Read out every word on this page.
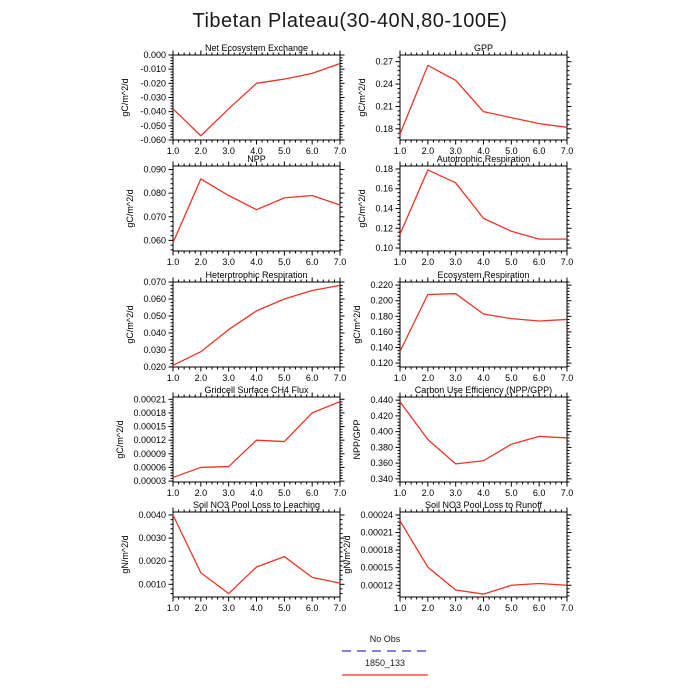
Tibetan Plateau(30-40N,80-100E)
Net Ecosystem Exchange
1.0 2.0 3.0 4.0 5.0 6.0 7.0
-0.060
-0.050
-0.040
-0.030
-0.020
-0.010
0.000
gC/m^2/d
GPP
1.0 2.0 3.0 4.0 5.0 6.0 7.0
0.18
0.21
0.24
0.27
gC/m^2/d
NPP
1.0 2.0 3.0 4.0 5.0 6.0 7.0
0.060
0.070
0.080
0.090
gC/m^2/d
Autotrophic Respiration
1.0 2.0 3.0 4.0 5.0 6.0 7.0
0.10
0.12
0.14
0.16
0.18
gC/m^2/d
Heterotrophic Respiration
1.0 2.0 3.0 4.0 5.0 6.0 7.0
0.020
0.030
0.040
0.050
0.060
0.070
gC/m^2/d
Ecosystem Respiration
1.0 2.0 3.0 4.0 5.0 6.0 7.0
0.120
0.140
0.160
0.180
0.200
0.220
gC/m^2/d
Gridcell Surface CH4 Flux
1.0 2.0 3.0 4.0 5.0 6.0 7.0
0.00003
0.00006
0.00009
0.00012
0.00015
0.00018
0.00021
gC/m^2/d
Carbon Use Efficiency (NPP/GPP)
1.0 2.0 3.0 4.0 5.0 6.0 7.0
0.340
0.360
0.380
0.400
0.420
0.440
NPP/GPP
Soil NO3 Pool Loss to Leaching
1.0 2.0 3.0 4.0 5.0 6.0 7.0
0.0010
0.0020
0.0030
0.0040
gN/m^2/d
Soil NO3 Pool Loss to Runoff
1.0 2.0 3.0 4.0 5.0 6.0 7.0
0.00012
0.00015
0.00018
0.00021
0.00024
gN/m^2/d
No Obs
1850_133
